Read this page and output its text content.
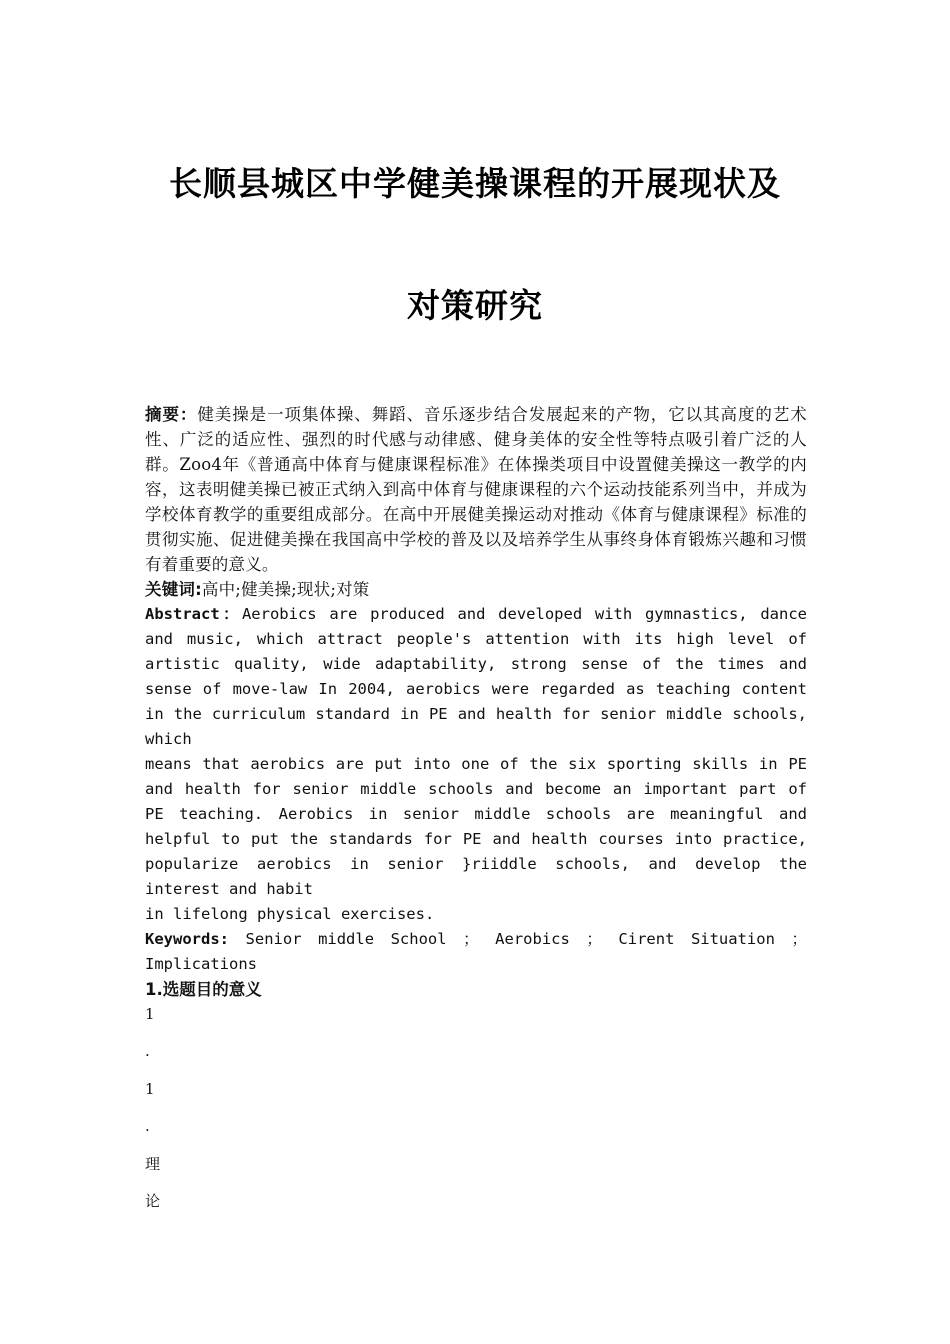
长顺县城区中学健美操课程的开展现状及
对策研究

摘要：健美操是一项集体操、舞蹈、音乐逐步结合发展起来的产物，它以其高度的艺术性、广泛的适应性、强烈的时代感与动律感、健身美体的安全性等特点吸引着广泛的人群。Zoo4年《普通高中体育与健康课程标准》在体操类项目中设置健美操这一教学的内容，这表明健美操已被正式纳入到高中体育与健康课程的六个运动技能系列当中，并成为学校体育教学的重要组成部分。在高中开展健美操运动对推动《体育与健康课程》标准的贯彻实施、促进健美操在我国高中学校的普及以及培养学生从事终身体育锻炼兴趣和习惯有着重要的意义。

关键词:高中;健美操;现状;对策

Abstract：Aerobics are produced and developed with gymnastics, dance and music, which attract people's attention with its high level of artistic quality, wide adaptability, strong sense of the times and sense of move-law In 2004, aerobics were regarded as teaching content in the curriculum standard in PE and health for senior middle schools, which

means that aerobics are put into one of the six sporting skills in PE and health for senior middle schools and become an important part of PE teaching. Aerobics in senior middle schools are meaningful and helpful to put the standards for PE and health courses into practice, popularize aerobics in senior }riiddle schools, and develop the interest and habit

in lifelong physical exercises.

Keywords: Senior middle School ； Aerobics ； Cirent Situation ；

Implications

1.选题目的意义

1
.
1
.
理
论
